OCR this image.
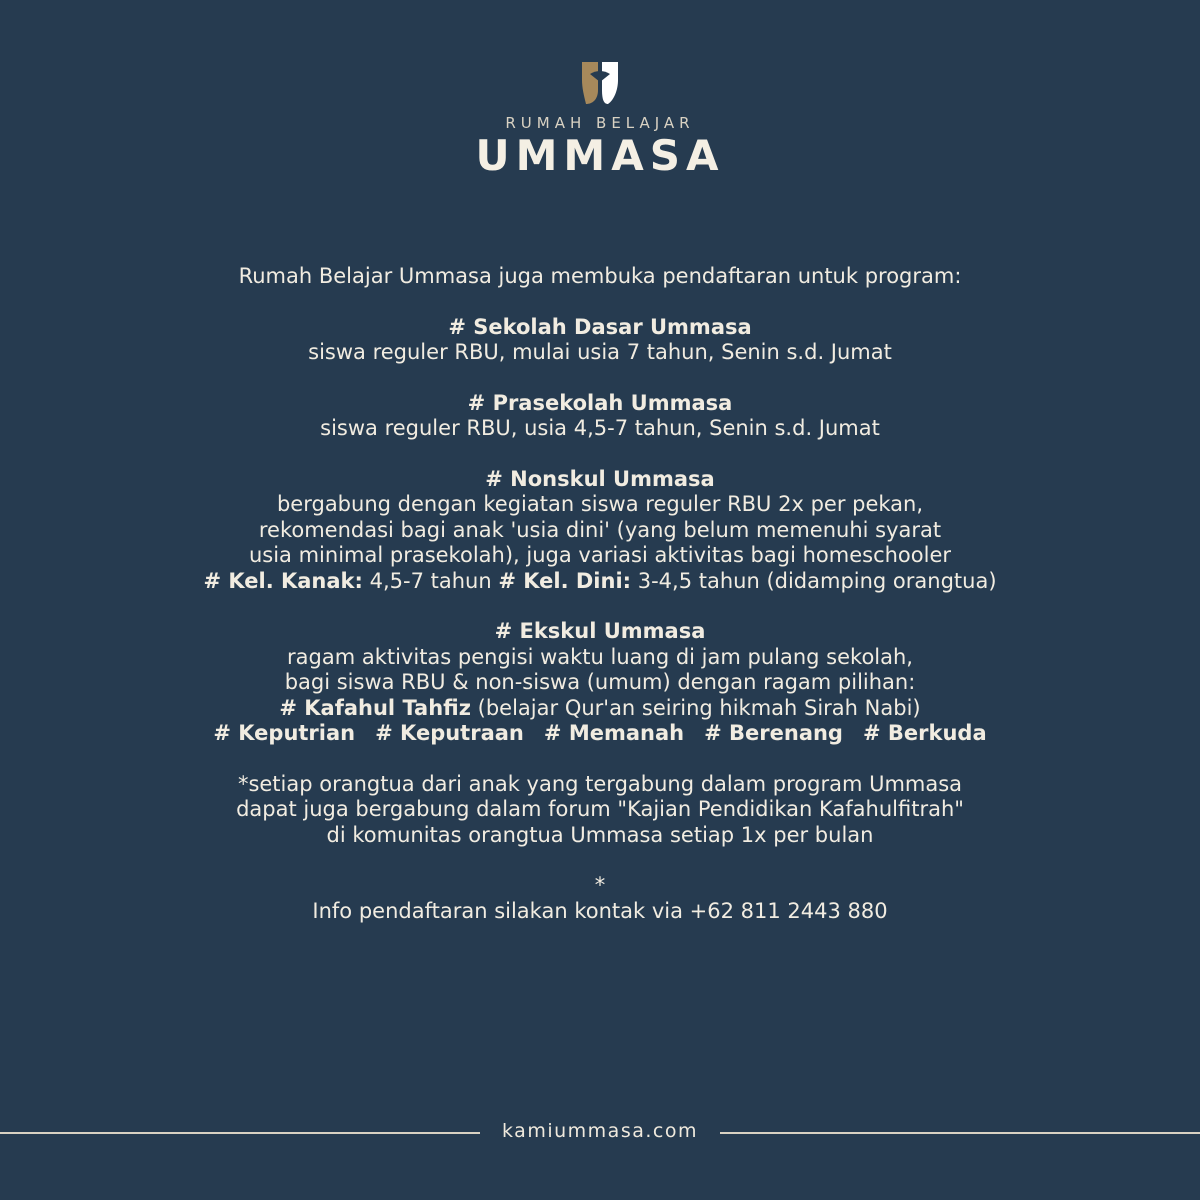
RUMAH BELAJAR
UMMASA

Rumah Belajar Ummasa juga membuka pendaftaran untuk program:

# Sekolah Dasar Ummasa

siswa reguler RBU, mulai usia 7 tahun, Senin s.d. Jumat

# Prasekolah Ummasa

siswa reguler RBU, usia 4,5-7 tahun, Senin s.d. Jumat

# Nonskul Ummasa

bergabung dengan kegiatan siswa reguler RBU 2x per pekan,

rekomendasi bagi anak 'usia dini' (yang belum memenuhi syarat

usia minimal prasekolah), juga variasi aktivitas bagi homeschooler

# Kel. Kanak: 4,5-7 tahun # Kel. Dini: 3-4,5 tahun (didamping orangtua)

# Ekskul Ummasa

ragam aktivitas pengisi waktu luang di jam pulang sekolah,

bagi siswa RBU & non-siswa (umum) dengan ragam pilihan:

# Kafahul Tahfiz (belajar Qur'an seiring hikmah Sirah Nabi)

# Keputrian # Keputraan # Memanah # Berenang # Berkuda

*setiap orangtua dari anak yang tergabung dalam program Ummasa

dapat juga bergabung dalam forum "Kajian Pendidikan Kafahulfitrah"

di komunitas orangtua Ummasa setiap 1x per bulan

*

Info pendaftaran silakan kontak via +62 811 2443 880

kamiummasa.com
